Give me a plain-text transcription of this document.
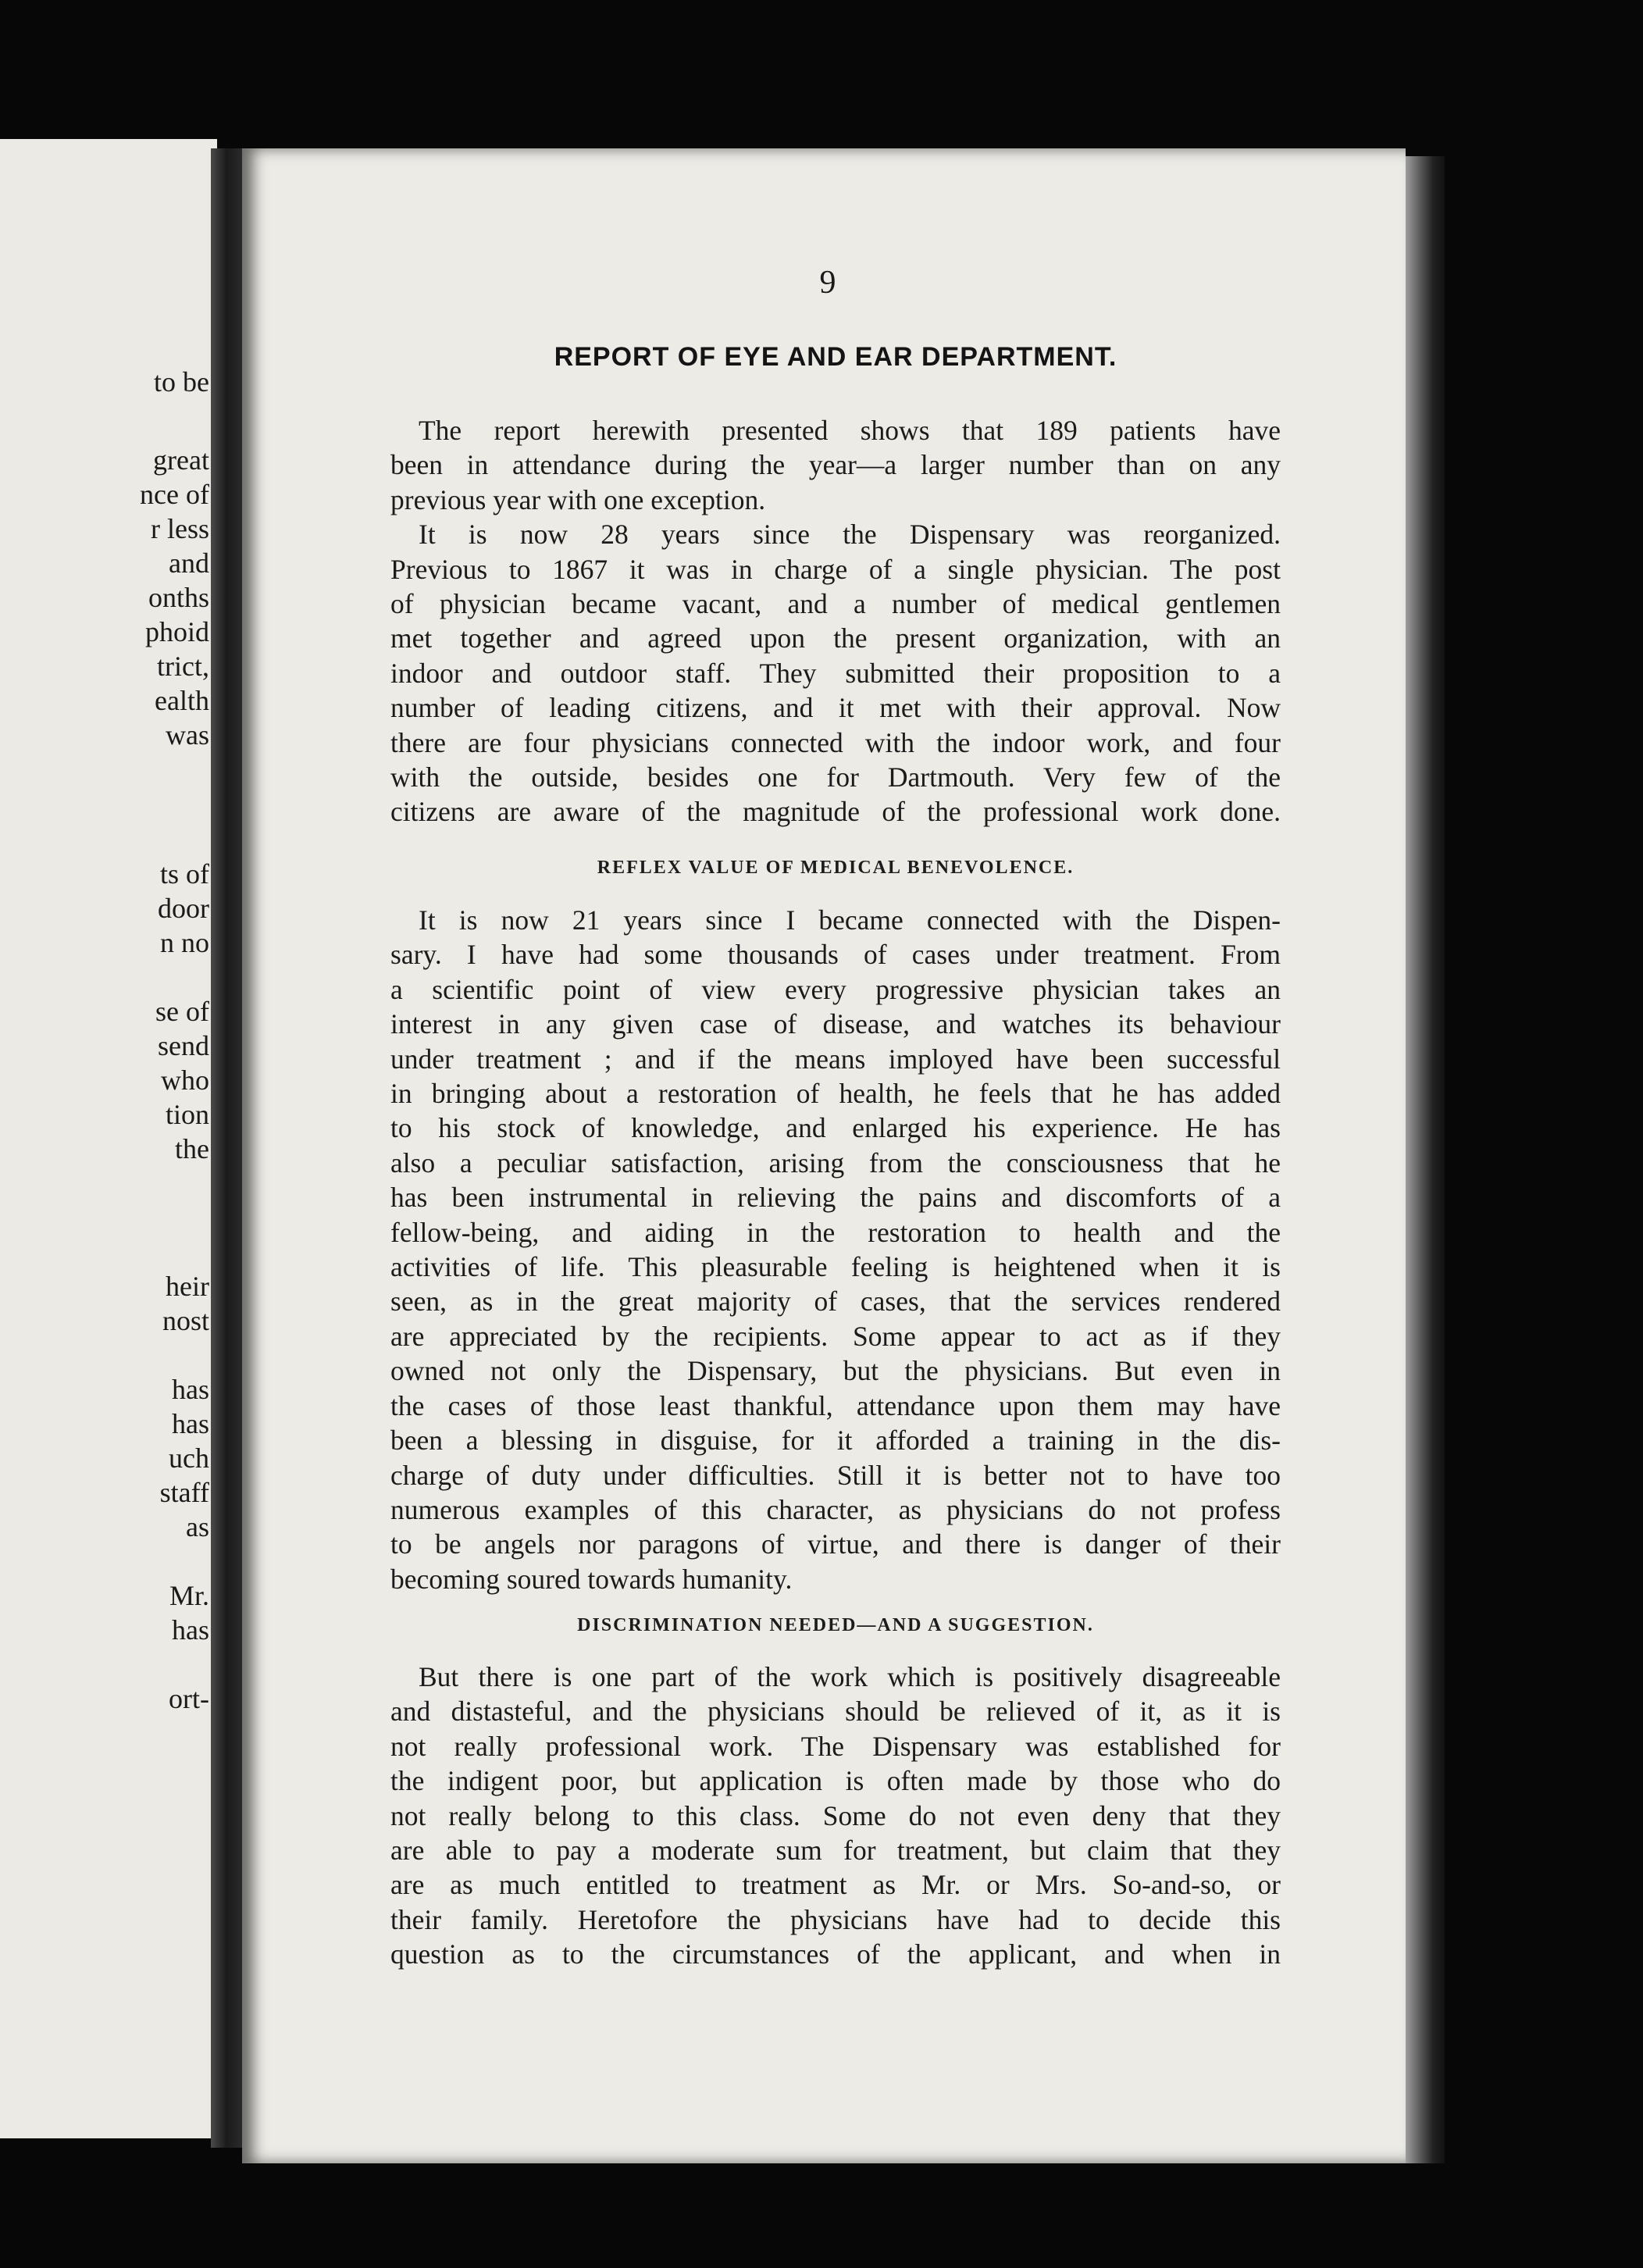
to be
great
nce of
r less
and
onths
phoid
trict,
ealth
was
ts of
door
n no
se of
send
who
tion
the
heir
nost
has
has
uch
staff
as
Mr.
has
ort-
9
REPORT OF EYE AND EAR DEPARTMENT.
The report herewith presented shows that 189 patients have
been in attendance during the year—a larger number than on any
previous year with one exception.
It is now 28 years since the Dispensary was reorganized.
Previous to 1867 it was in charge of a single physician. The post
of physician became vacant, and a number of medical gentlemen
met together and agreed upon the present organization, with an
indoor and outdoor staff. They submitted their proposition to a
number of leading citizens, and it met with their approval. Now
there are four physicians connected with the indoor work, and four
with the outside, besides one for Dartmouth. Very few of the
citizens are aware of the magnitude of the professional work done.
REFLEX VALUE OF MEDICAL BENEVOLENCE.
It is now 21 years since I became connected with the Dispen-
sary. I have had some thousands of cases under treatment. From
a scientific point of view every progressive physician takes an
interest in any given case of disease, and watches its behaviour
under treatment ; and if the means imployed have been successful
in bringing about a restoration of health, he feels that he has added
to his stock of knowledge, and enlarged his experience. He has
also a peculiar satisfaction, arising from the consciousness that he
has been instrumental in relieving the pains and discomforts of a
fellow-being, and aiding in the restoration to health and the
activities of life. This pleasurable feeling is heightened when it is
seen, as in the great majority of cases, that the services rendered
are appreciated by the recipients. Some appear to act as if they
owned not only the Dispensary, but the physicians. But even in
the cases of those least thankful, attendance upon them may have
been a blessing in disguise, for it afforded a training in the dis-
charge of duty under difficulties. Still it is better not to have too
numerous examples of this character, as physicians do not profess
to be angels nor paragons of virtue, and there is danger of their
becoming soured towards humanity.
DISCRIMINATION NEEDED—AND A SUGGESTION.
But there is one part of the work which is positively disagreeable
and distasteful, and the physicians should be relieved of it, as it is
not really professional work. The Dispensary was established for
the indigent poor, but application is often made by those who do
not really belong to this class. Some do not even deny that they
are able to pay a moderate sum for treatment, but claim that they
are as much entitled to treatment as Mr. or Mrs. So-and-so, or
their family. Heretofore the physicians have had to decide this
question as to the circumstances of the applicant, and when in
